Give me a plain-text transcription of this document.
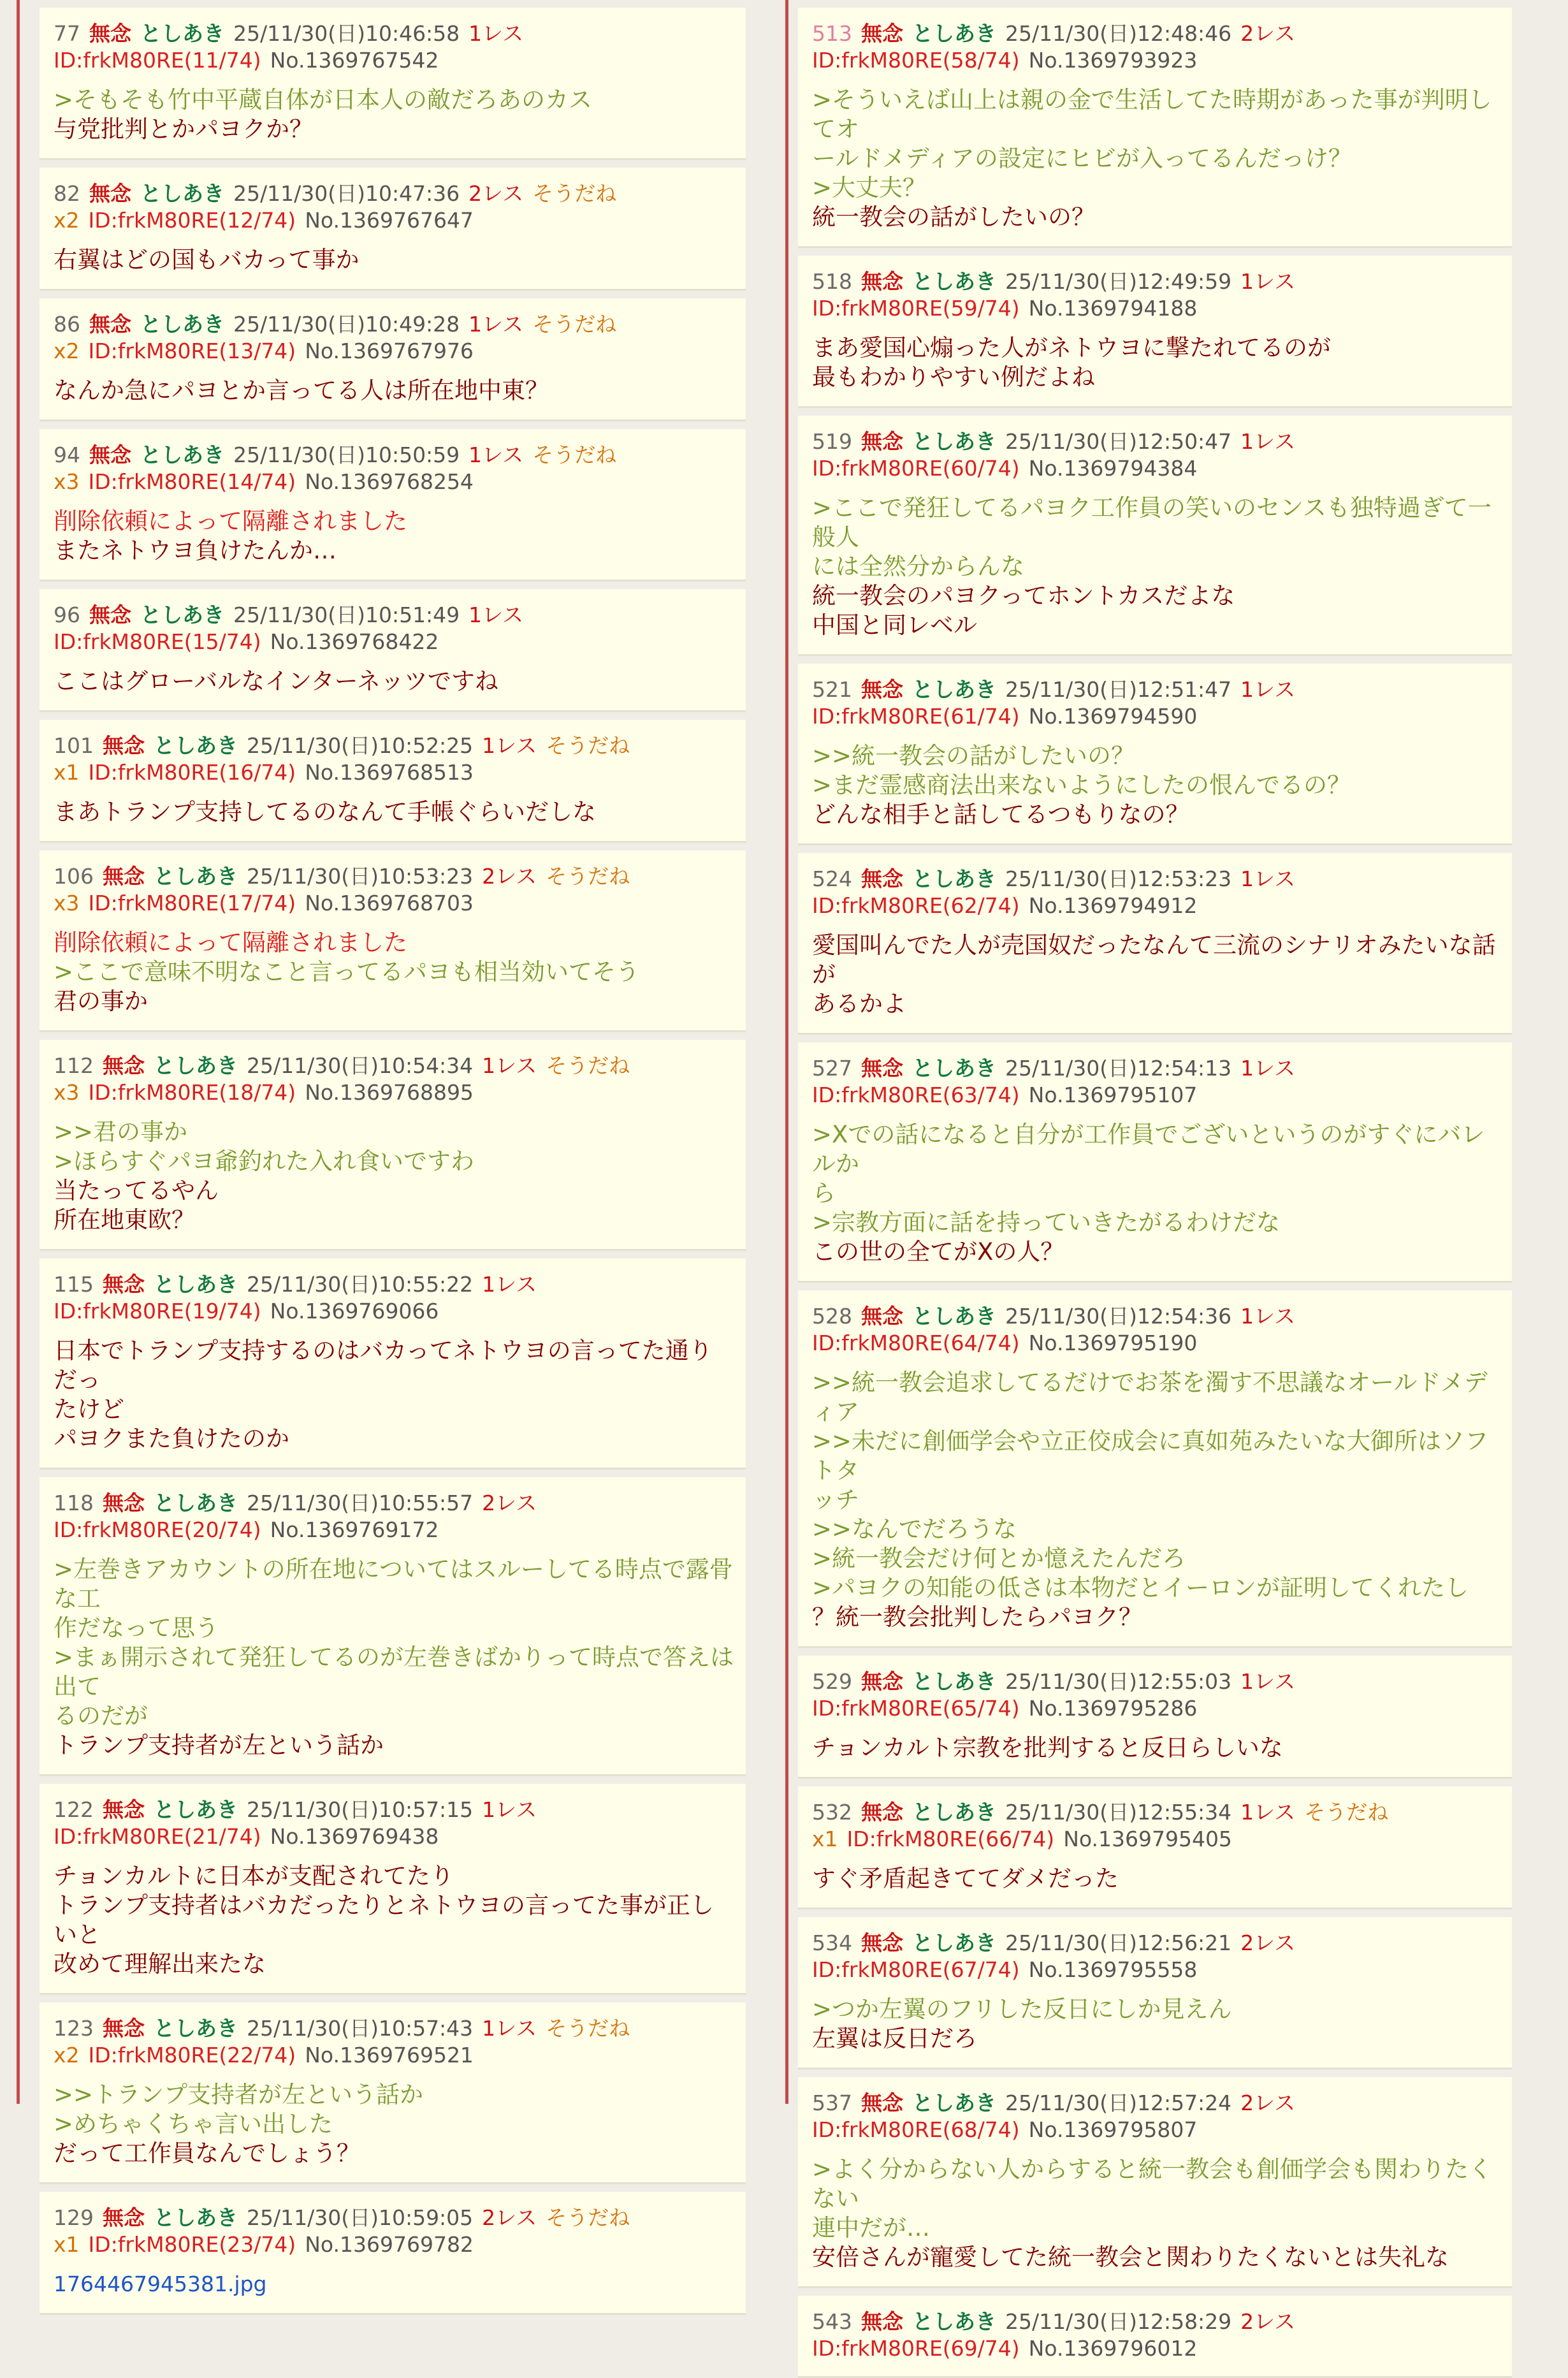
77 無念 としあき 25/11/30(日)10:46:58 1レスID:frkM80RE(11/74) No.1369767542
>そもそも竹中平蔵自体が日本人の敵だろあのカス
与党批判とかパヨクか？
82 無念 としあき 25/11/30(日)10:47:36 2レス そうだねx2 ID:frkM80RE(12/74) No.1369767647
右翼はどの国もバカって事か
86 無念 としあき 25/11/30(日)10:49:28 1レス そうだねx2 ID:frkM80RE(13/74) No.1369767976
なんか急にパヨとか言ってる人は所在地中東？
94 無念 としあき 25/11/30(日)10:50:59 1レス そうだねx3 ID:frkM80RE(14/74) No.1369768254
削除依頼によって隔離されました
またネトウヨ負けたんか…
96 無念 としあき 25/11/30(日)10:51:49 1レスID:frkM80RE(15/74) No.1369768422
ここはグローバルなインターネッツですね
101 無念 としあき 25/11/30(日)10:52:25 1レス そうだねx1 ID:frkM80RE(16/74) No.1369768513
まあトランプ支持してるのなんて手帳ぐらいだしな
106 無念 としあき 25/11/30(日)10:53:23 2レス そうだねx3 ID:frkM80RE(17/74) No.1369768703
削除依頼によって隔離されました
>ここで意味不明なこと言ってるパヨも相当効いてそう
君の事か
112 無念 としあき 25/11/30(日)10:54:34 1レス そうだねx3 ID:frkM80RE(18/74) No.1369768895
>>君の事か
>ほらすぐパヨ爺釣れた入れ食いですわ
当たってるやん
所在地東欧？
115 無念 としあき 25/11/30(日)10:55:22 1レスID:frkM80RE(19/74) No.1369769066
日本でトランプ支持するのはバカってネトウヨの言ってた通りだっ
たけど
パヨクまた負けたのか
118 無念 としあき 25/11/30(日)10:55:57 2レスID:frkM80RE(20/74) No.1369769172
>左巻きアカウントの所在地についてはスルーしてる時点で露骨な工
作だなって思う
>まぁ開示されて発狂してるのが左巻きばかりって時点で答えは出て
るのだが
トランプ支持者が左という話か
122 無念 としあき 25/11/30(日)10:57:15 1レスID:frkM80RE(21/74) No.1369769438
チョンカルトに日本が支配されてたり
トランプ支持者はバカだったりとネトウヨの言ってた事が正しいと
改めて理解出来たな
123 無念 としあき 25/11/30(日)10:57:43 1レス そうだねx2 ID:frkM80RE(22/74) No.1369769521
>>トランプ支持者が左という話か
>めちゃくちゃ言い出した
だって工作員なんでしょう？
129 無念 としあき 25/11/30(日)10:59:05 2レス そうだねx1 ID:frkM80RE(23/74) No.1369769782
1764467945381.jpg
513 無念 としあき 25/11/30(日)12:48:46 2レスID:frkM80RE(58/74) No.1369793923
>そういえば山上は親の金で生活してた時期があった事が判明してオ
ールドメディアの設定にヒビが入ってるんだっけ？
>大丈夫？
統一教会の話がしたいの？
518 無念 としあき 25/11/30(日)12:49:59 1レスID:frkM80RE(59/74) No.1369794188
まあ愛国心煽った人がネトウヨに撃たれてるのが
最もわかりやすい例だよね
519 無念 としあき 25/11/30(日)12:50:47 1レスID:frkM80RE(60/74) No.1369794384
>ここで発狂してるパヨク工作員の笑いのセンスも独特過ぎて一般人
には全然分からんな
統一教会のパヨクってホントカスだよな
中国と同レベル
521 無念 としあき 25/11/30(日)12:51:47 1レスID:frkM80RE(61/74) No.1369794590
>>統一教会の話がしたいの？
>まだ霊感商法出来ないようにしたの恨んでるの？
どんな相手と話してるつもりなの？
524 無念 としあき 25/11/30(日)12:53:23 1レスID:frkM80RE(62/74) No.1369794912
愛国叫んでた人が売国奴だったなんて三流のシナリオみたいな話が
あるかよ
527 無念 としあき 25/11/30(日)12:54:13 1レスID:frkM80RE(63/74) No.1369795107
>Xでの話になると自分が工作員でございというのがすぐにバレルか
ら
>宗教方面に話を持っていきたがるわけだな
この世の全てがXの人？
528 無念 としあき 25/11/30(日)12:54:36 1レスID:frkM80RE(64/74) No.1369795190
>>統一教会追求してるだけでお茶を濁す不思議なオールドメディア
>>未だに創価学会や立正佼成会に真如苑みたいな大御所はソフトタ
ッチ
>>なんでだろうな
>統一教会だけ何とか憶えたんだろ
>パヨクの知能の低さは本物だとイーロンが証明してくれたし
？統一教会批判したらパヨク？
529 無念 としあき 25/11/30(日)12:55:03 1レスID:frkM80RE(65/74) No.1369795286
チョンカルト宗教を批判すると反日らしいな
532 無念 としあき 25/11/30(日)12:55:34 1レス そうだねx1 ID:frkM80RE(66/74) No.1369795405
すぐ矛盾起きててダメだった
534 無念 としあき 25/11/30(日)12:56:21 2レスID:frkM80RE(67/74) No.1369795558
>つか左翼のフリした反日にしか見えん
左翼は反日だろ
537 無念 としあき 25/11/30(日)12:57:24 2レスID:frkM80RE(68/74) No.1369795807
>よく分からない人からすると統一教会も創価学会も関わりたくない
連中だが…
安倍さんが寵愛してた統一教会と関わりたくないとは失礼な
543 無念 としあき 25/11/30(日)12:58:29 2レスID:frkM80RE(69/74) No.1369796012
